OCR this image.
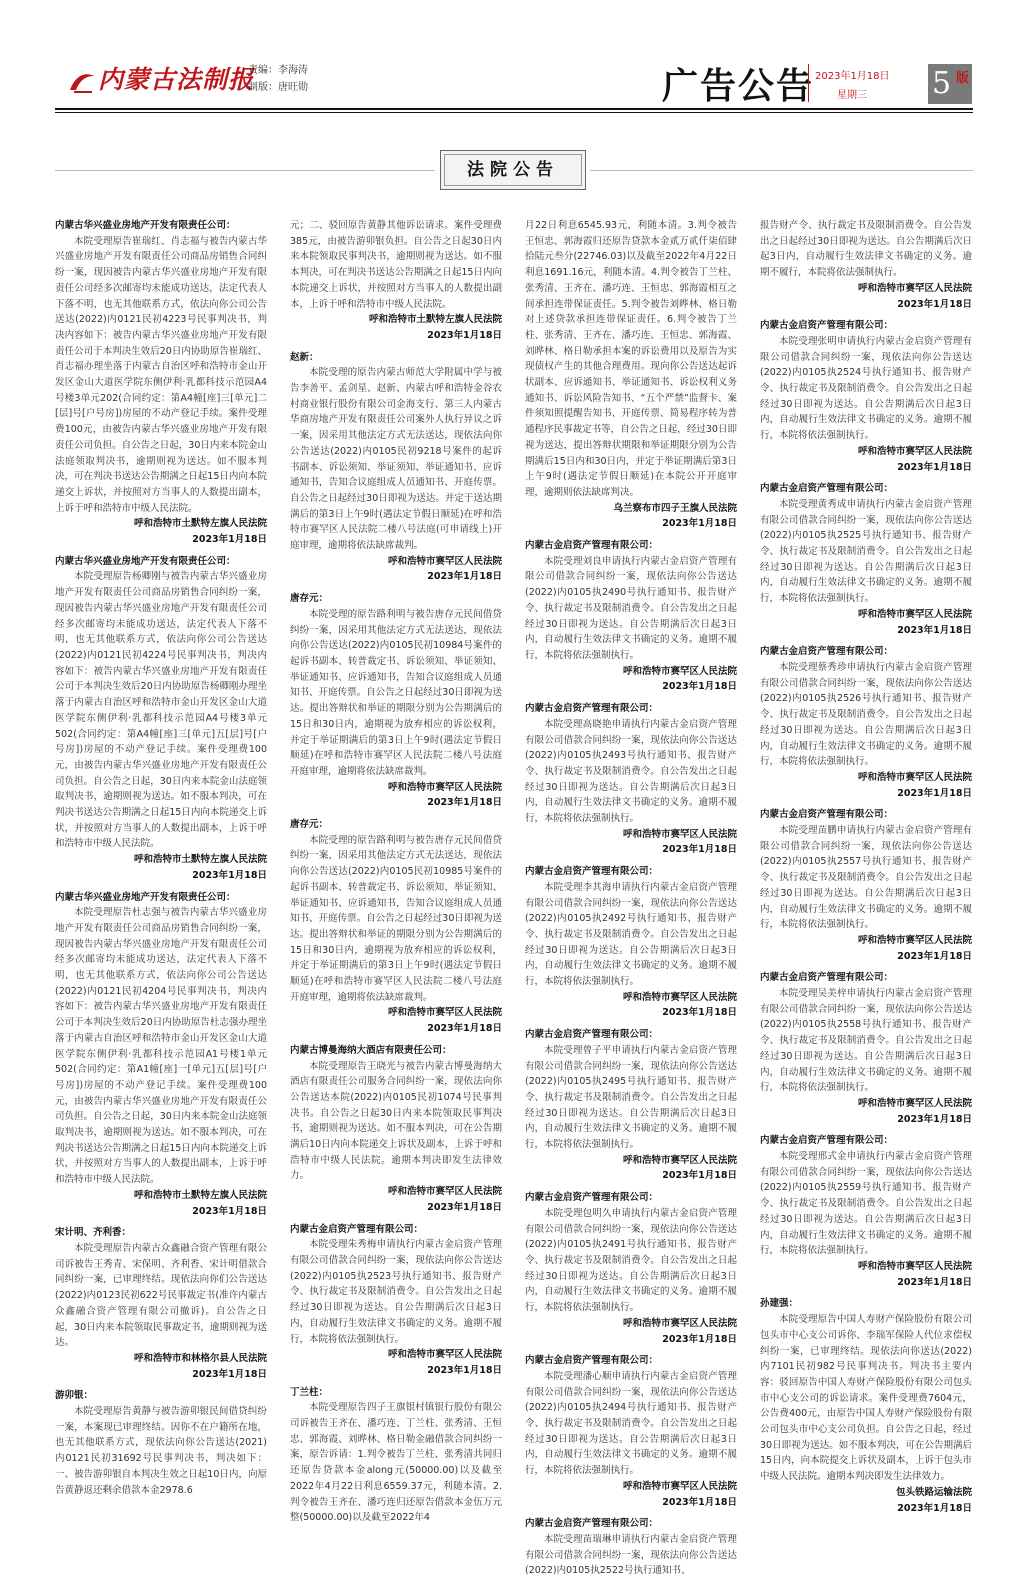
内蒙古法制报
责编：李海涛
制版：唐旺勋	广告公告 2023年1月18日
星期三 5 版
法院公告

内蒙古华兴盛业房地产开发有限责任公司：

本院受理原告崔瑞红、肖志福与被告内蒙古华兴盛业房地产开发有限责任公司商品房销售合同纠纷一案，现因被告内蒙古华兴盛业房地产开发有限责任公司经多次邮寄均未能成功送达，法定代表人下落不明，也无其他联系方式，依法向你公司公告送达(2022)内0121民初4223号民事判决书，判决内容如下：被告内蒙古华兴盛业房地产开发有限责任公司于本判决生效后20日内协助原告崔瑞红、肖志福办理坐落于内蒙古自治区呼和浩特市金山开发区金山大道医学院东侧伊利·乳都科技示范园A4号楼3单元202(合同约定：第A4幢[座]三[单元]二[层]号[户号房])房屋的不动产登记手续。案件受理费100元，由被告内蒙古华兴盛业房地产开发有限责任公司负担。自公告之日起，30日内来本院金山法庭领取判决书，逾期则视为送达。如不服本判决，可在判决书送达公告期满之日起15日内向本院递交上诉状，并按照对方当事人的人数提出副本，上诉于呼和浩特市中级人民法院。

呼和浩特市土默特左旗人民法院

2023年1月18日

内蒙古华兴盛业房地产开发有限责任公司：

本院受理原告杨卿刚与被告内蒙古华兴盛业房地产开发有限责任公司商品房销售合同纠纷一案，现因被告内蒙古华兴盛业房地产开发有限责任公司经多次邮寄均未能成功送达，法定代表人下落不明，也无其他联系方式，依法向你公司公告送达(2022)内0121民初4224号民事判决书，判决内容如下：被告内蒙古华兴盛业房地产开发有限责任公司于本判决生效后20日内协助原告杨卿刚办理坐落于内蒙古自治区呼和浩特市金山开发区金山大道医学院东侧伊利·乳都科技示范园A4号楼3单元502(合同约定：第A4幢[座]三[单元]五[层]号[户号房])房屋的不动产登记手续。案件受理费100元，由被告内蒙古华兴盛业房地产开发有限责任公司负担。自公告之日起，30日内来本院金山法庭领取判决书，逾期则视为送达。如不服本判决，可在判决书送达公告期满之日起15日内向本院递交上诉状，并按照对方当事人的人数提出副本，上诉于呼和浩特市中级人民法院。

呼和浩特市土默特左旗人民法院

2023年1月18日

内蒙古华兴盛业房地产开发有限责任公司：

本院受理原告杜志强与被告内蒙古华兴盛业房地产开发有限责任公司商品房销售合同纠纷一案，现因被告内蒙古华兴盛业房地产开发有限责任公司经多次邮寄均未能成功送达，法定代表人下落不明，也无其他联系方式，依法向你公司公告送达(2022)内0121民初4204号民事判决书，判决内容如下：被告内蒙古华兴盛业房地产开发有限责任公司于本判决生效后20日内协助原告杜志强办理坐落于内蒙古自治区呼和浩特市金山开发区金山大道医学院东侧伊利·乳都科技示范园A1号楼1单元502(合同约定：第A1幢[座]一[单元]五[层]号[户号房])房屋的不动产登记手续。案件受理费100元，由被告内蒙古华兴盛业房地产开发有限责任公司负担。自公告之日起，30日内来本院金山法庭领取判决书，逾期则视为送达。如不服本判决，可在判决书送达公告期满之日起15日内向本院递交上诉状，并按照对方当事人的人数提出副本，上诉于呼和浩特市中级人民法院。

呼和浩特市土默特左旗人民法院

2023年1月18日

宋计明、齐利香：

本院受理原告内蒙古众鑫融合资产管理有限公司诉被告王秀青、宋保明、齐利香、宋计明借款合同纠纷一案，已审理终结。现依法向你们公告送达(2022)内0123民初622号民事裁定书(准许内蒙古众鑫融合资产管理有限公司撤诉)。自公告之日起，30日内来本院领取民事裁定书，逾期则视为送达。

呼和浩特市和林格尔县人民法院

2023年1月18日

游卯银：

本院受理原告黄静与被告游卯银民间借贷纠纷一案，本案现已审理终结。因你不在户籍所在地，也无其他联系方式，现依法向你公告送达(2021)内0121民初31692号民事判决书，判决如下：一、被告游卯银自本判决生效之日起10日内，向原告黄静返还剩余借款本金2978.6

元；二、驳回原告黄静其他诉讼请求。案件受理费385元，由被告游卯银负担。自公告之日起30日内来本院领取民事判决书，逾期则视为送达。如不服本判决，可在判决书送达公告期满之日起15日内向本院递交上诉状，并按照对方当事人的人数提出副本，上诉于呼和浩特市中级人民法院。

呼和浩特市土默特左旗人民法院

2023年1月18日

赵新：

本院受理的原告内蒙古师范大学附属中学与被告李善平、孟剑星、赵新、内蒙古呼和浩特金谷农村商业银行股份有限公司金海支行、第三人内蒙古华商房地产开发有限责任公司案外人执行异议之诉一案，因采用其他法定方式无法送达，现依法向你公告送达(2022)内0105民初9218号案件的起诉书副本、诉讼须知、举证须知、举证通知书、应诉通知书，告知合议庭组成人员通知书、开庭传票。自公告之日起经过30日即视为送达。并定于送达期满后的第3日上午9时(遇法定节假日顺延)在呼和浩特市赛罕区人民法院二楼八号法庭(可申请线上)开庭审理，逾期将依法缺席裁判。

呼和浩特市赛罕区人民法院

2023年1月18日

唐存元：

本院受理的原告路利明与被告唐存元民间借贷纠纷一案，因采用其他法定方式无法送达，现依法向你公告送达(2022)内0105民初10984号案件的起诉书副本、转普裁定书、诉讼须知、举证须知、举证通知书、应诉通知书，告知合议庭组成人员通知书、开庭传票。自公告之日起经过30日即视为送达。提出答辩状和举证的期限分别为公告期满后的15日和30日内，逾期视为放弃相应的诉讼权利，并定于举证期满后的第3日上午9时(遇法定节假日顺延)在呼和浩特市赛罕区人民法院二楼八号法庭开庭审理，逾期将依法缺席裁判。

呼和浩特市赛罕区人民法院

2023年1月18日

唐存元：

本院受理的原告路利明与被告唐存元民间借贷纠纷一案，因采用其他法定方式无法送达，现依法向你公告送达(2022)内0105民初10985号案件的起诉书副本、转普裁定书、诉讼须知、举证须知、举证通知书、应诉通知书，告知合议庭组成人员通知书、开庭传票。自公告之日起经过30日即视为送达。提出答辩状和举证的期限分别为公告期满后的15日和30日内，逾期视为放弃相应的诉讼权利，并定于举证期满后的第3日上午9时(遇法定节假日顺延)在呼和浩特市赛罕区人民法院二楼八号法庭开庭审理，逾期将依法缺席裁判。

呼和浩特市赛罕区人民法院

2023年1月18日

内蒙古博曼海纳大酒店有限责任公司：

本院受理原告王晓光与被告内蒙古博曼海纳大酒店有限责任公司服务合同纠纷一案，现依法向你公告送达本院(2022)内0105民初1074号民事判决书。自公告之日起30日内来本院领取民事判决书，逾期则视为送达。如不服本判决，可在公告期满后10日内向本院递交上诉状及副本，上诉于呼和浩特市中级人民法院。逾期本判决即发生法律效力。

呼和浩特市赛罕区人民法院

2023年1月18日

内蒙古金启资产管理有限公司：

本院受理朱秀梅申请执行内蒙古金启资产管理有限公司借款合同纠纷一案，现依法向你公告送达(2022)内0105执2523号执行通知书、报告财产令、执行裁定书及限制消费令。自公告发出之日起经过30日即视为送达。自公告期满后次日起3日内，自动履行生效法律文书确定的义务。逾期不履行，本院将依法强制执行。

呼和浩特市赛罕区人民法院

2023年1月18日

丁兰柱：

本院受理原告四子王旗银村镇银行股份有限公司诉被告王齐在、潘巧连、丁兰柱、张秀清、王恒忠、郭海霞、刘晔林、格日勒金融借款合同纠纷一案，原告诉请：1.判令被告丁兰柱、张秀清共同归还原告贷款本金along元(50000.00)以及截至2022年4月22日利息6559.37元，利随本清。2.判令被告王齐在、潘巧连归还原告借款本金伍万元整(50000.00)以及截至2022年4

月22日利息6545.93元，利随本清。3.判令被告王恒忠、郭海霞归还原告贷款本金贰万贰仟柒佰肆拾陆元叁分(22746.03)以及截至2022年4月22日利息1691.16元，利随本清。4.判令被告丁兰柱、张秀清、王齐在、潘巧连、王恒忠、郭海霞相互之间承担连带保证责任。5.判令被告刘晔林、格日勒对上述贷款承担连带保证责任。6.判令被告丁兰柱、张秀清、王齐在、潘巧连、王恒忠、郭海霞、刘晔林、格日勒承担本案的诉讼费用以及原告为实现债权产生的其他合理费用。现向你公告送达起诉状副本、应诉通知书、举证通知书、诉讼权利义务通知书、诉讼风险告知书、“五个严禁”监督卡、案件须知照提醒告知书、开庭传票、简易程序转为普通程序民事裁定书等，自公告之日起，经过30日即视为送达，提出答辩状期限和举证期限分别为公告期满后15日内和30日内，并定于举证期满后第3日上午9时(遇法定节假日顺延)在本院公开开庭审理，逾期则依法缺席判决。

乌兰察布市四子王旗人民法院

2023年1月18日

内蒙古金启资产管理有限公司：

本院受理刘良申请执行内蒙古金启资产管理有限公司借款合同纠纷一案，现依法向你公告送达(2022)内0105执2490号执行通知书、报告财产令、执行裁定书及限制消费令。自公告发出之日起经过30日即视为送达。自公告期满后次日起3日内，自动履行生效法律文书确定的义务。逾期不履行，本院将依法强制执行。

呼和浩特市赛罕区人民法院

2023年1月18日

内蒙古金启资产管理有限公司：

本院受理高晓艳申请执行内蒙古金启资产管理有限公司借款合同纠纷一案，现依法向你公告送达(2022)内0105执2493号执行通知书、报告财产令、执行裁定书及限制消费令。自公告发出之日起经过30日即视为送达。自公告期满后次日起3日内，自动履行生效法律文书确定的义务。逾期不履行，本院将依法强制执行。

呼和浩特市赛罕区人民法院

2023年1月18日

内蒙古金启资产管理有限公司：

本院受理李其海申请执行内蒙古金启资产管理有限公司借款合同纠纷一案，现依法向你公告送达(2022)内0105执2492号执行通知书、报告财产令、执行裁定书及限制消费令。自公告发出之日起经过30日即视为送达。自公告期满后次日起3日内，自动履行生效法律文书确定的义务。逾期不履行，本院将依法强制执行。

呼和浩特市赛罕区人民法院

2023年1月18日

内蒙古金启资产管理有限公司：

本院受理曾子平申请执行内蒙古金启资产管理有限公司借款合同纠纷一案，现依法向你公告送达(2022)内0105执2495号执行通知书、报告财产令、执行裁定书及限制消费令。自公告发出之日起经过30日即视为送达。自公告期满后次日起3日内，自动履行生效法律文书确定的义务。逾期不履行，本院将依法强制执行。

呼和浩特市赛罕区人民法院

2023年1月18日

内蒙古金启资产管理有限公司：

本院受理包明久申请执行内蒙古金启资产管理有限公司借款合同纠纷一案，现依法向你公告送达(2022)内0105执2491号执行通知书、报告财产令、执行裁定书及限制消费令。自公告发出之日起经过30日即视为送达。自公告期满后次日起3日内，自动履行生效法律文书确定的义务。逾期不履行，本院将依法强制执行。

呼和浩特市赛罕区人民法院

2023年1月18日

内蒙古金启资产管理有限公司：

本院受理潘心顺申请执行内蒙古金启资产管理有限公司借款合同纠纷一案，现依法向你公告送达(2022)内0105执2494号执行通知书、报告财产令、执行裁定书及限制消费令。自公告发出之日起经过30日即视为送达。自公告期满后次日起3日内，自动履行生效法律文书确定的义务。逾期不履行，本院将依法强制执行。

呼和浩特市赛罕区人民法院

2023年1月18日

内蒙古金启资产管理有限公司：

本院受理苗瑞琳申请执行内蒙古金启资产管理有限公司借款合同纠纷一案，现依法向你公告送达(2022)内0105执2522号执行通知书、

报告财产令、执行裁定书及限制消费令。自公告发出之日起经过30日即视为送达。自公告期满后次日起3日内，自动履行生效法律文书确定的义务。逾期不履行，本院将依法强制执行。

呼和浩特市赛罕区人民法院

2023年1月18日

内蒙古金启资产管理有限公司：

本院受理张明申请执行内蒙古金启资产管理有限公司借款合同纠纷一案，现依法向你公告送达(2022)内0105执2524号执行通知书、报告财产令、执行裁定书及限制消费令。自公告发出之日起经过30日即视为送达。自公告期满后次日起3日内，自动履行生效法律文书确定的义务。逾期不履行，本院将依法强制执行。

呼和浩特市赛罕区人民法院

2023年1月18日

内蒙古金启资产管理有限公司：

本院受理黄秀成申请执行内蒙古金启资产管理有限公司借款合同纠纷一案，现依法向你公告送达(2022)内0105执2525号执行通知书、报告财产令、执行裁定书及限制消费令。自公告发出之日起经过30日即视为送达。自公告期满后次日起3日内，自动履行生效法律文书确定的义务。逾期不履行，本院将依法强制执行。

呼和浩特市赛罕区人民法院

2023年1月18日

内蒙古金启资产管理有限公司：

本院受理蔡秀珍申请执行内蒙古金启资产管理有限公司借款合同纠纷一案，现依法向你公告送达(2022)内0105执2526号执行通知书、报告财产令、执行裁定书及限制消费令。自公告发出之日起经过30日即视为送达。自公告期满后次日起3日内，自动履行生效法律文书确定的义务。逾期不履行，本院将依法强制执行。

呼和浩特市赛罕区人民法院

2023年1月18日

内蒙古金启资产管理有限公司：

本院受理苗鹏申请执行内蒙古金启资产管理有限公司借款合同纠纷一案，现依法向你公告送达(2022)内0105执2557号执行通知书、报告财产令、执行裁定书及限制消费令。自公告发出之日起经过30日即视为送达。自公告期满后次日起3日内，自动履行生效法律文书确定的义务。逾期不履行，本院将依法强制执行。

呼和浩特市赛罕区人民法院

2023年1月18日

内蒙古金启资产管理有限公司：

本院受理吴美梓申请执行内蒙古金启资产管理有限公司借款合同纠纷一案，现依法向你公告送达(2022)内0105执2558号执行通知书、报告财产令、执行裁定书及限制消费令。自公告发出之日起经过30日即视为送达。自公告期满后次日起3日内，自动履行生效法律文书确定的义务。逾期不履行，本院将依法强制执行。

呼和浩特市赛罕区人民法院

2023年1月18日

内蒙古金启资产管理有限公司：

本院受理邢式金申请执行内蒙古金启资产管理有限公司借款合同纠纷一案，现依法向你公告送达(2022)内0105执2559号执行通知书、报告财产令、执行裁定书及限制消费令。自公告发出之日起经过30日即视为送达。自公告期满后次日起3日内，自动履行生效法律文书确定的义务。逾期不履行，本院将依法强制执行。

呼和浩特市赛罕区人民法院

2023年1月18日

孙建强：

本院受理原告中国人寿财产保险股份有限公司包头市中心支公司诉你、李瑞军保险人代位求偿权纠纷一案，已审理终结。现依法向你送达(2022)内7101民初982号民事判决书。判决书主要内容：驳回原告中国人寿财产保险股份有限公司包头市中心支公司的诉讼请求。案件受理费7604元，公告费400元，由原告中国人寿财产保险股份有限公司包头市中心支公司负担。自公告之日起，经过30日即视为送达。如不服本判决，可在公告期满后15日内，向本院提交上诉状及副本，上诉于包头市中级人民法院。逾期本判决即发生法律效力。

包头铁路运输法院

2023年1月18日
